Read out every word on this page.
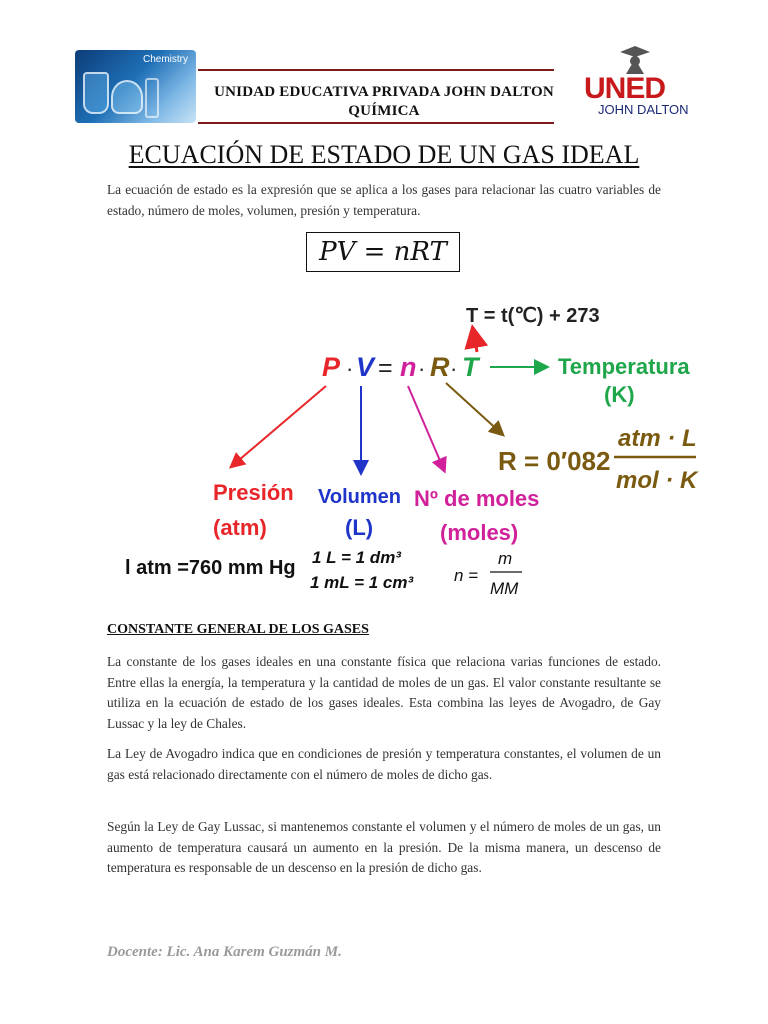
Chemistry
UNIDAD EDUCATIVA PRIVADA JOHN DALTON
QUÍMICA
UNED
JOHN DALTON
ECUACIÓN DE ESTADO DE UN GAS IDEAL
La ecuación de estado es la expresión que se aplica a los gases para relacionar las cuatro variables de estado, número de moles, volumen, presión y temperatura.
PV = nRT
T = t(℃) + 273
P · V = n · R · T	Temperatura
(K)
R = 0′082
atm · L
mol · K
Presión
(atm)
l atm =760 mm Hg
Volumen
(L)
1 L = 1 dm³
1 mL = 1 cm³
Nº de moles
(moles)
n =
m
MM
CONSTANTE GENERAL DE LOS GASES
La constante de los gases ideales en una constante física que relaciona varias funciones de estado. Entre ellas la energía, la temperatura y la cantidad de moles de un gas. El valor constante resultante se utiliza en la ecuación de estado de los gases ideales. Esta combina las leyes de Avogadro, de Gay Lussac y la ley de Chales.
La Ley de Avogadro indica que en condiciones de presión y temperatura constantes, el volumen de un gas está relacionado directamente con el número de moles de dicho gas.
Según la Ley de Gay Lussac, si mantenemos constante el volumen y el número de moles de un gas, un aumento de temperatura causará un aumento en la presión. De la misma manera, un descenso de temperatura es responsable de un descenso en la presión de dicho gas.
Docente: Lic. Ana Karem Guzmán M.
